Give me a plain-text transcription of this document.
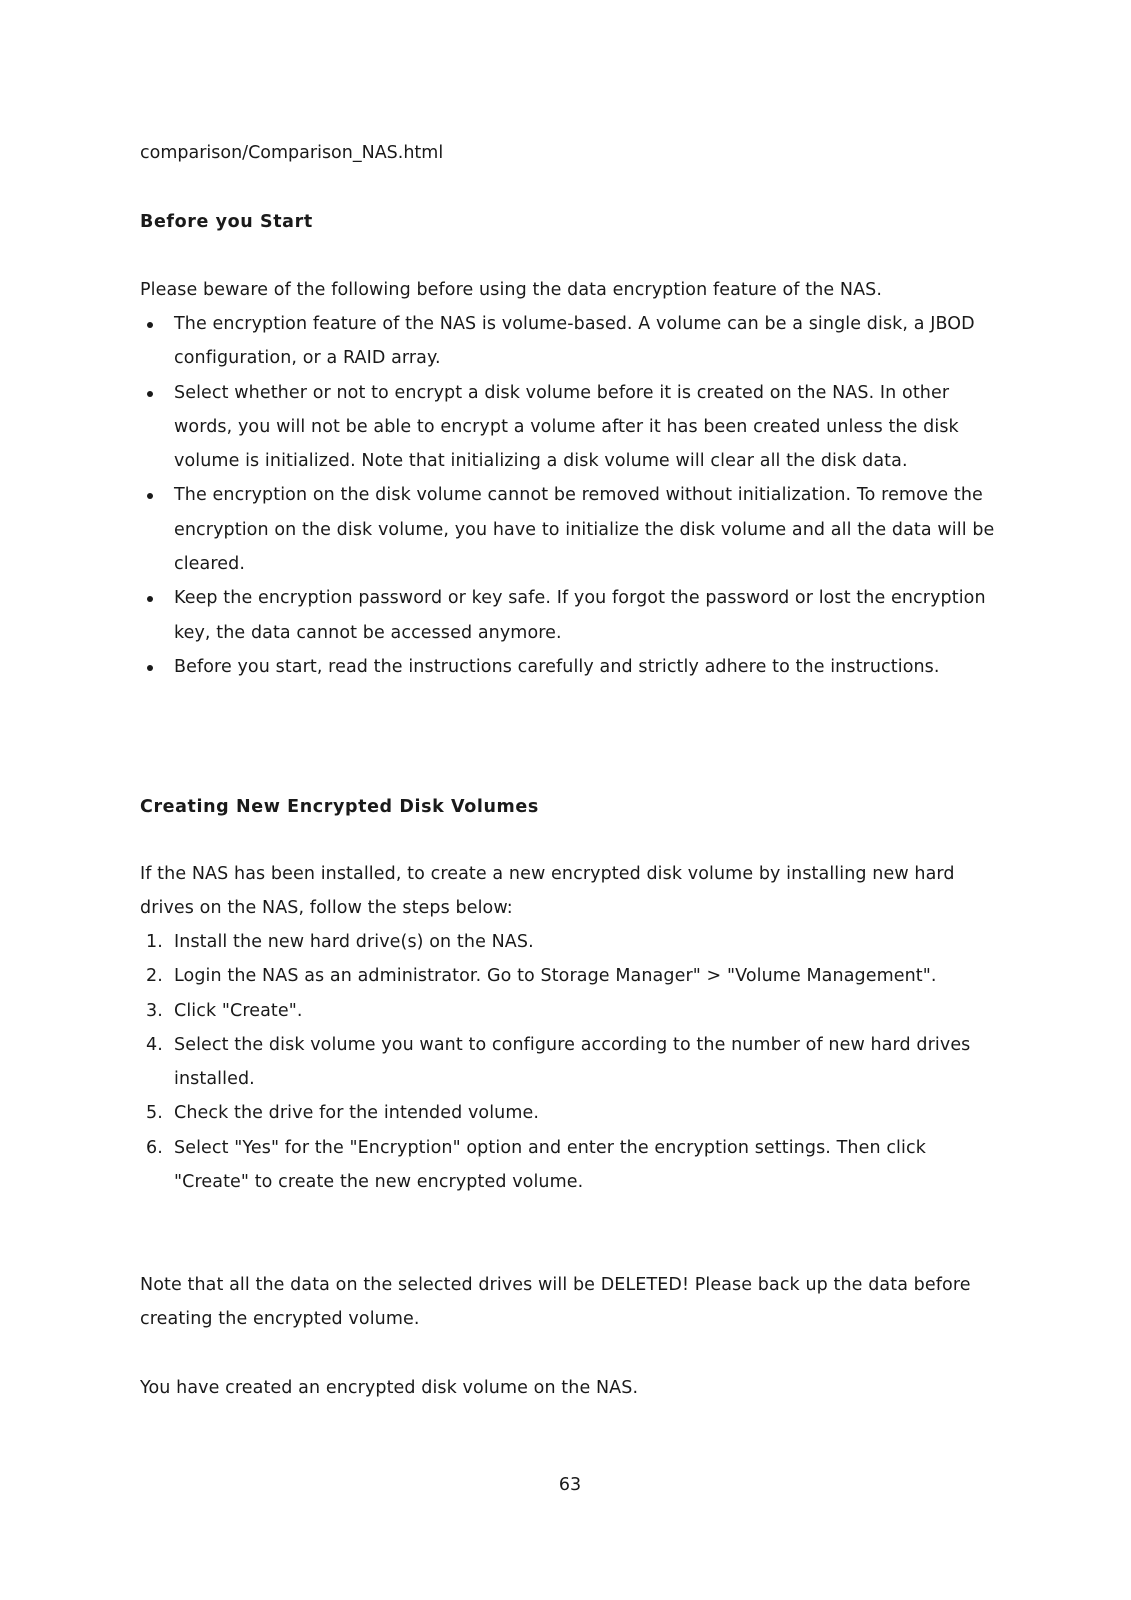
comparison/Comparison_NAS.html

Before you Start

Please beware of the following before using the data encryption feature of the NAS.

The encryption feature of the NAS is volume-based. A volume can be a single disk, a JBOD configuration, or a RAID array.
Select whether or not to encrypt a disk volume before it is created on the NAS. In other words, you will not be able to encrypt a volume after it has been created unless the disk volume is initialized. Note that initializing a disk volume will clear all the disk data.
The encryption on the disk volume cannot be removed without initialization. To remove the encryption on the disk volume, you have to initialize the disk volume and all the data will be cleared.
Keep the encryption password or key safe. If you forgot the password or lost the encryption key, the data cannot be accessed anymore.
Before you start, read the instructions carefully and strictly adhere to the instructions.
Creating New Encrypted Disk Volumes

If the NAS has been installed, to create a new encrypted disk volume by installing new hard drives on the NAS, follow the steps below:

1. Install the new hard drive(s) on the NAS.
2. Login the NAS as an administrator. Go to Storage Manager" > "Volume Management".
3. Click "Create".
4. Select the disk volume you want to configure according to the number of new hard drives installed.
5. Check the drive for the intended volume.
6. Select "Yes" for the "Encryption" option and enter the encryption settings. Then click "Create" to create the new encrypted volume.

Note that all the data on the selected drives will be DELETED! Please back up the data before creating the encrypted volume.

You have created an encrypted disk volume on the NAS.

63
